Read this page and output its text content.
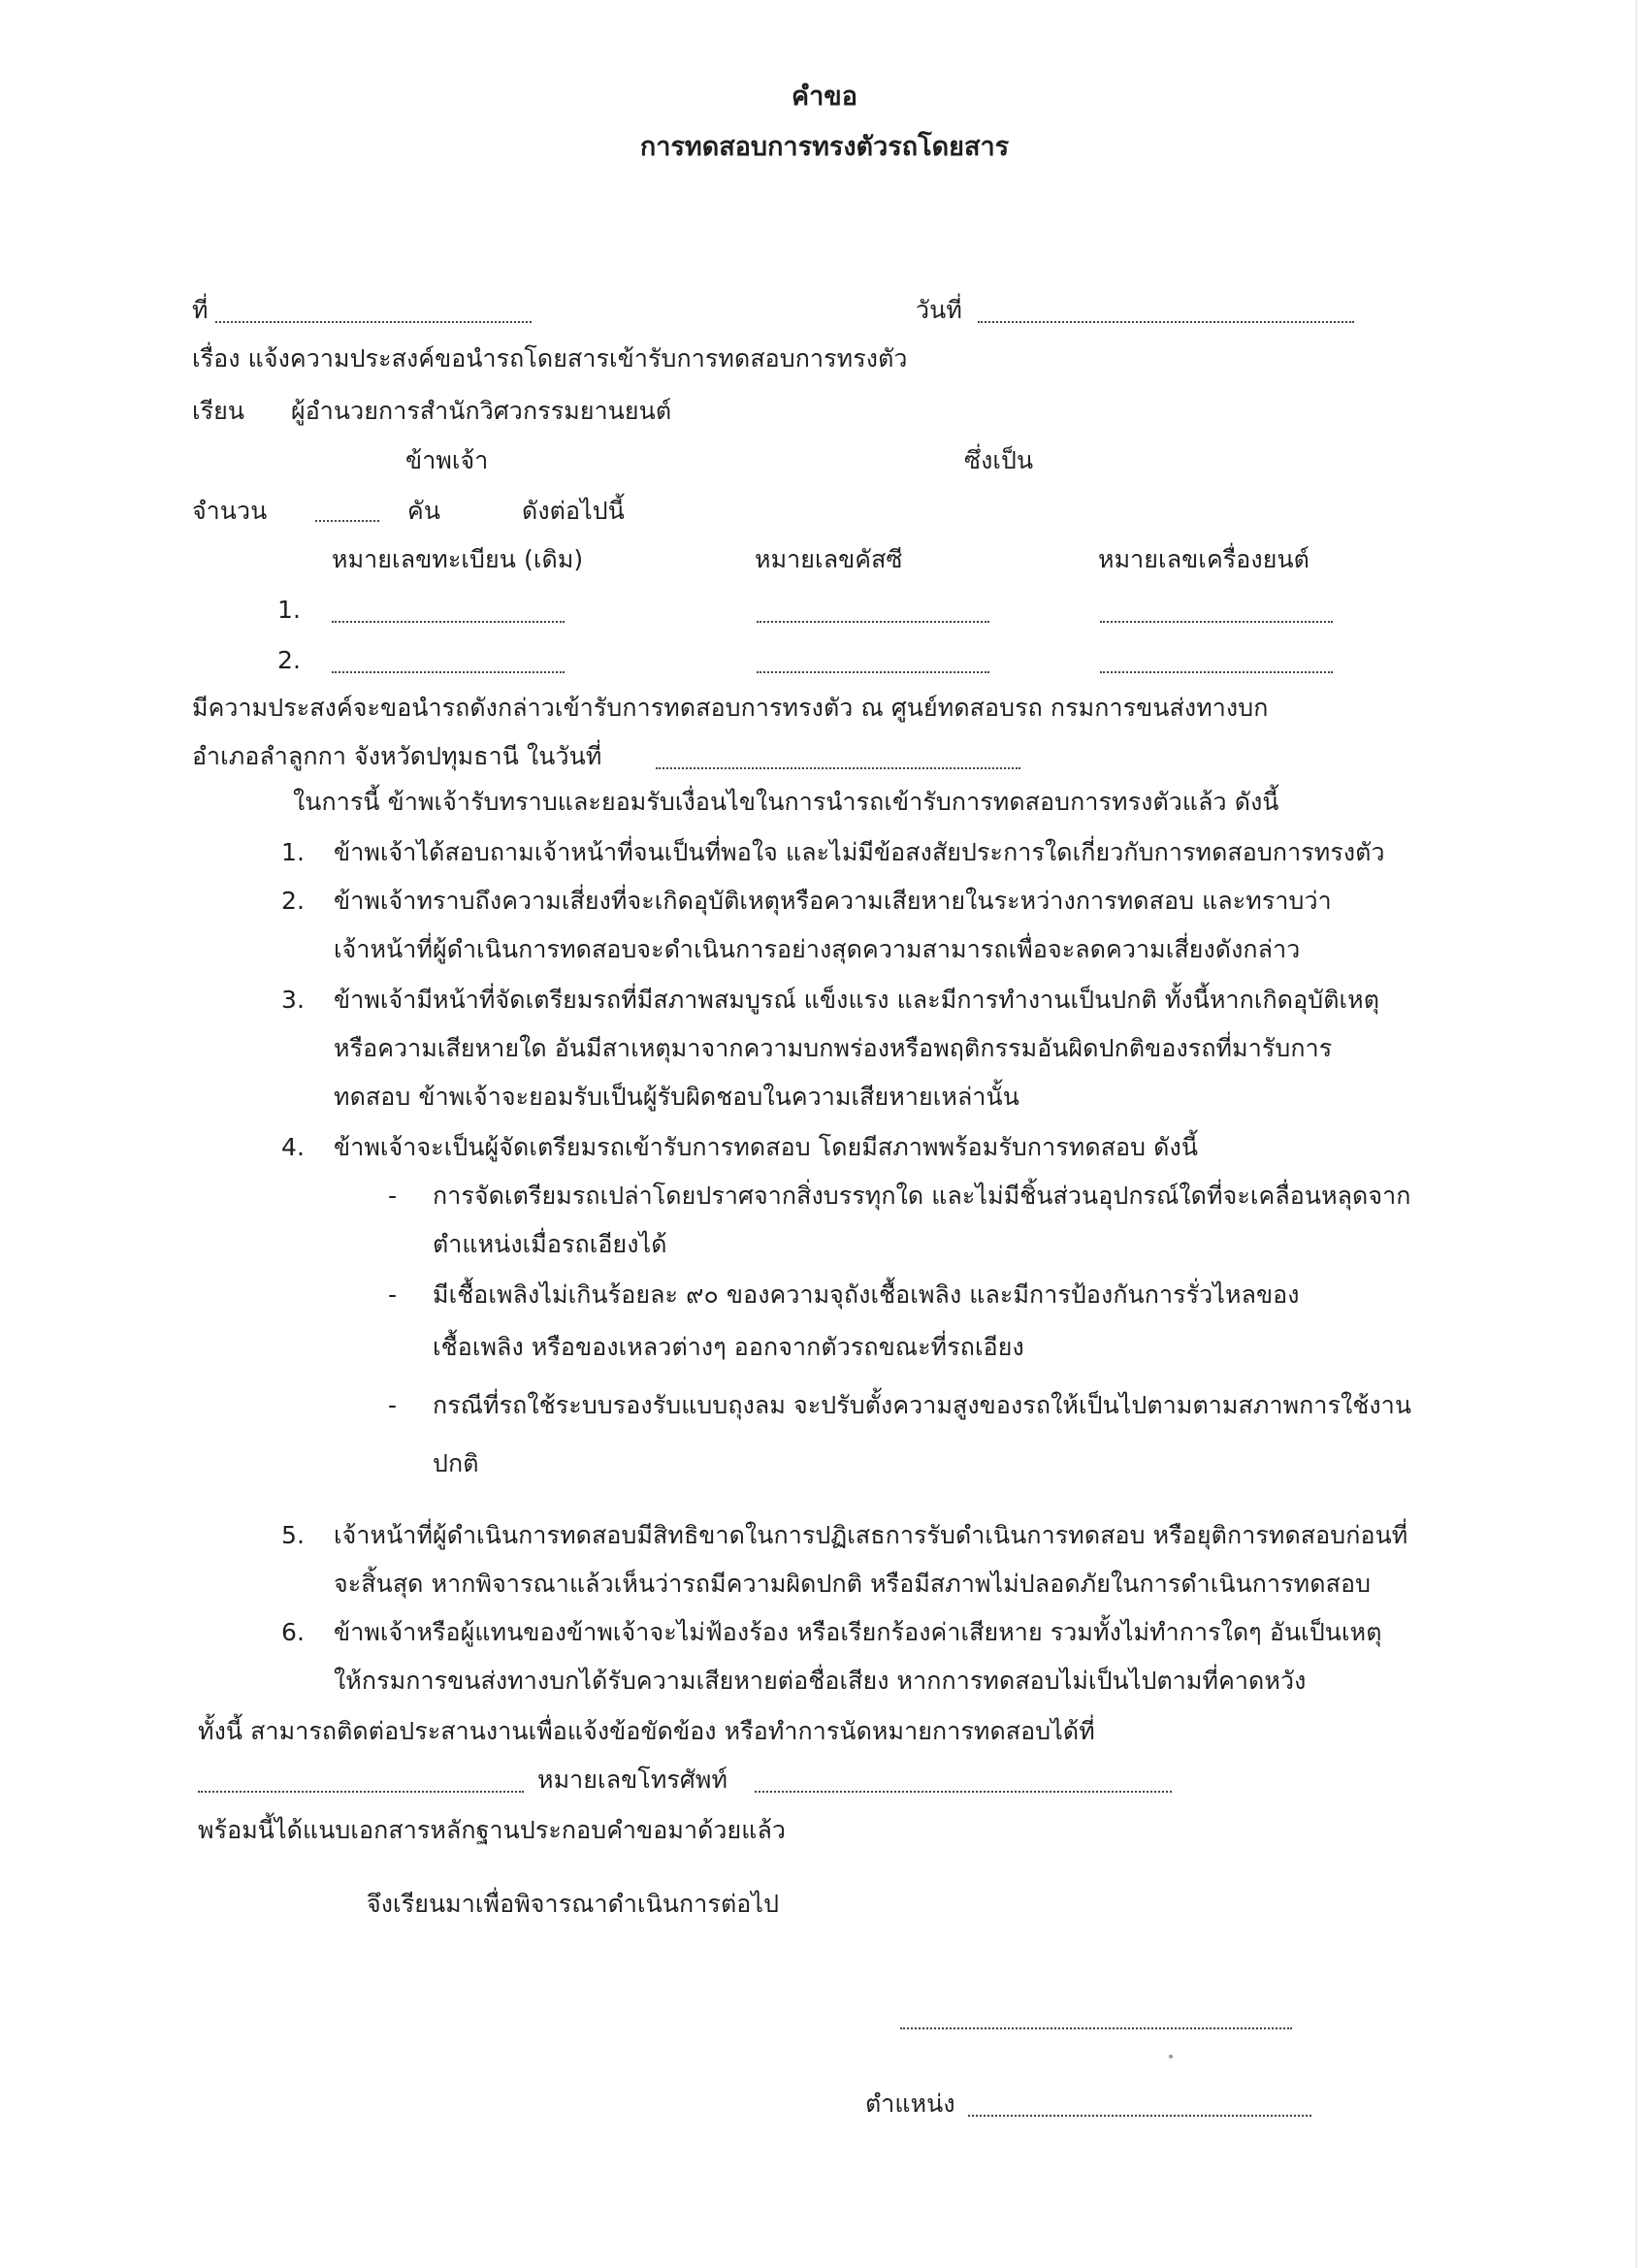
คำขอ
การทดสอบการทรงตัวรถโดยสาร
ที่	วันที่
เรื่อง แจ้งความประสงค์ขอนำรถโดยสารเข้ารับการทดสอบการทรงตัว
เรียน ผู้อำนวยการสำนักวิศวกรรมยานยนต์
ข้าพเจ้า	ซึ่งเป็น
จำนวน	คัน	ดังต่อไปนี้
หมายเลขทะเบียน (เดิม)	หมายเลขคัสซี	หมายเลขเครื่องยนต์
1.
2.
มีความประสงค์จะขอนำรถดังกล่าวเข้ารับการทดสอบการทรงตัว ณ ศูนย์ทดสอบรถ กรมการขนส่งทางบก
อำเภอลำลูกกา จังหวัดปทุมธานี ในวันที่
ในการนี้ ข้าพเจ้ารับทราบและยอมรับเงื่อนไขในการนำรถเข้ารับการทดสอบการทรงตัวแล้ว ดังนี้
1. ข้าพเจ้าได้สอบถามเจ้าหน้าที่จนเป็นที่พอใจ และไม่มีข้อสงสัยประการใดเกี่ยวกับการทดสอบการทรงตัว
2. ข้าพเจ้าทราบถึงความเสี่ยงที่จะเกิดอุบัติเหตุหรือความเสียหายในระหว่างการทดสอบ และทราบว่า
เจ้าหน้าที่ผู้ดำเนินการทดสอบจะดำเนินการอย่างสุดความสามารถเพื่อจะลดความเสี่ยงดังกล่าว
3. ข้าพเจ้ามีหน้าที่จัดเตรียมรถที่มีสภาพสมบูรณ์ แข็งแรง และมีการทำงานเป็นปกติ ทั้งนี้หากเกิดอุบัติเหตุ
หรือความเสียหายใด อันมีสาเหตุมาจากความบกพร่องหรือพฤติกรรมอันผิดปกติของรถที่มารับการ
ทดสอบ ข้าพเจ้าจะยอมรับเป็นผู้รับผิดชอบในความเสียหายเหล่านั้น
4. ข้าพเจ้าจะเป็นผู้จัดเตรียมรถเข้ารับการทดสอบ โดยมีสภาพพร้อมรับการทดสอบ ดังนี้
- การจัดเตรียมรถเปล่าโดยปราศจากสิ่งบรรทุกใด และไม่มีชิ้นส่วนอุปกรณ์ใดที่จะเคลื่อนหลุดจาก
ตำแหน่งเมื่อรถเอียงได้
- มีเชื้อเพลิงไม่เกินร้อยละ ๙๐ ของความจุถังเชื้อเพลิง และมีการป้องกันการรั่วไหลของ
เชื้อเพลิง หรือของเหลวต่างๆ ออกจากตัวรถขณะที่รถเอียง
- กรณีที่รถใช้ระบบรองรับแบบถุงลม จะปรับตั้งความสูงของรถให้เป็นไปตามตามสภาพการใช้งาน
ปกติ
5. เจ้าหน้าที่ผู้ดำเนินการทดสอบมีสิทธิขาดในการปฏิเสธการรับดำเนินการทดสอบ หรือยุติการทดสอบก่อนที่
จะสิ้นสุด หากพิจารณาแล้วเห็นว่ารถมีความผิดปกติ หรือมีสภาพไม่ปลอดภัยในการดำเนินการทดสอบ
6. ข้าพเจ้าหรือผู้แทนของข้าพเจ้าจะไม่ฟ้องร้อง หรือเรียกร้องค่าเสียหาย รวมทั้งไม่ทำการใดๆ อันเป็นเหตุ
ให้กรมการขนส่งทางบกได้รับความเสียหายต่อชื่อเสียง หากการทดสอบไม่เป็นไปตามที่คาดหวัง
ทั้งนี้ สามารถติดต่อประสานงานเพื่อแจ้งข้อขัดข้อง หรือทำการนัดหมายการทดสอบได้ที่
หมายเลขโทรศัพท์
พร้อมนี้ได้แนบเอกสารหลักฐานประกอบคำขอมาด้วยแล้ว
จึงเรียนมาเพื่อพิจารณาดำเนินการต่อไป
ตำแหน่ง
